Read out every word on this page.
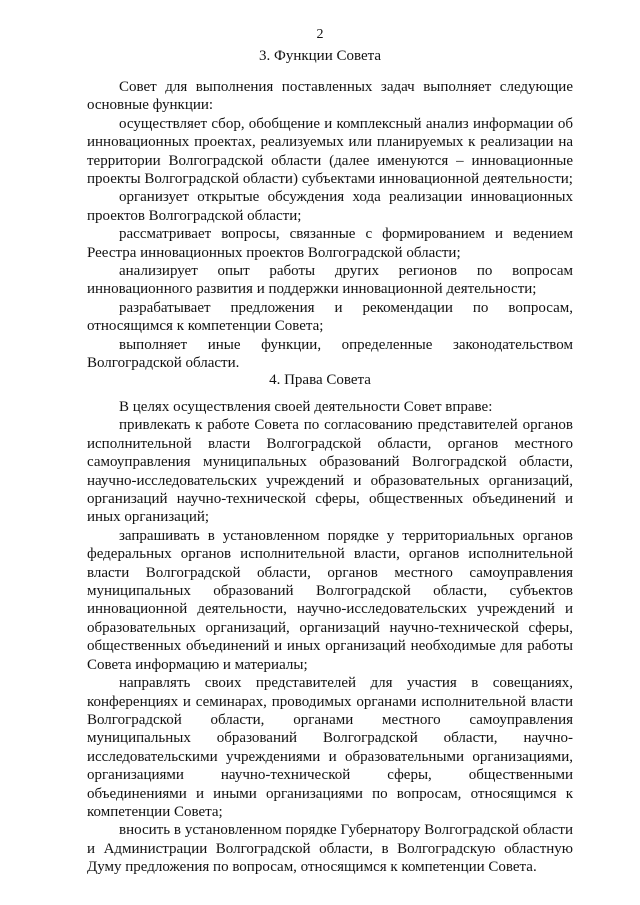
2
3. Функции Совета

Совет для выполнения поставленных задач выполняет следующие основные функции:

осуществляет сбор, обобщение и комплексный анализ информации об инновационных проектах, реализуемых или планируемых к реализации на территории Волгоградской области (далее именуются – инновационные проекты Волгоградской области) субъектами инновационной деятельности;

организует открытые обсуждения хода реализации инновационных проектов Волгоградской области;

рассматривает вопросы, связанные с формированием и ведением Реестра инновационных проектов Волгоградской области;

анализирует опыт работы других регионов по вопросам инновационного развития и поддержки инновационной деятельности;

разрабатывает предложения и рекомендации по вопросам, относящимся к компетенции Совета;

выполняет иные функции, определенные законодательством Волгоградской области.

4. Права Совета

В целях осуществления своей деятельности Совет вправе:

привлекать к работе Совета по согласованию представителей органов исполнительной власти Волгоградской области, органов местного самоуправления муниципальных образований Волгоградской области, научно-исследовательских учреждений и образовательных организаций, организаций научно-технической сферы, общественных объединений и иных организаций;

запрашивать в установленном порядке у территориальных органов федеральных органов исполнительной власти, органов исполнительной власти Волгоградской области, органов местного самоуправления муниципальных образований Волгоградской области, субъектов инновационной деятельности, научно-исследовательских учреждений и образовательных организаций, организаций научно-технической сферы, общественных объединений и иных организаций необходимые для работы Совета информацию и материалы;

направлять своих представителей для участия в совещаниях, конференциях и семинарах, проводимых органами исполнительной власти Волгоградской области, органами местного самоуправления муниципальных образований Волгоградской области, научно-исследовательскими учреждениями и образовательными организациями, организациями научно-технической сферы, общественными объединениями и иными организациями по вопросам, относящимся к компетенции Совета;

вносить в установленном порядке Губернатору Волгоградской области и Администрации Волгоградской области, в Волгоградскую областную Думу предложения по вопросам, относящимся к компетенции Совета.
